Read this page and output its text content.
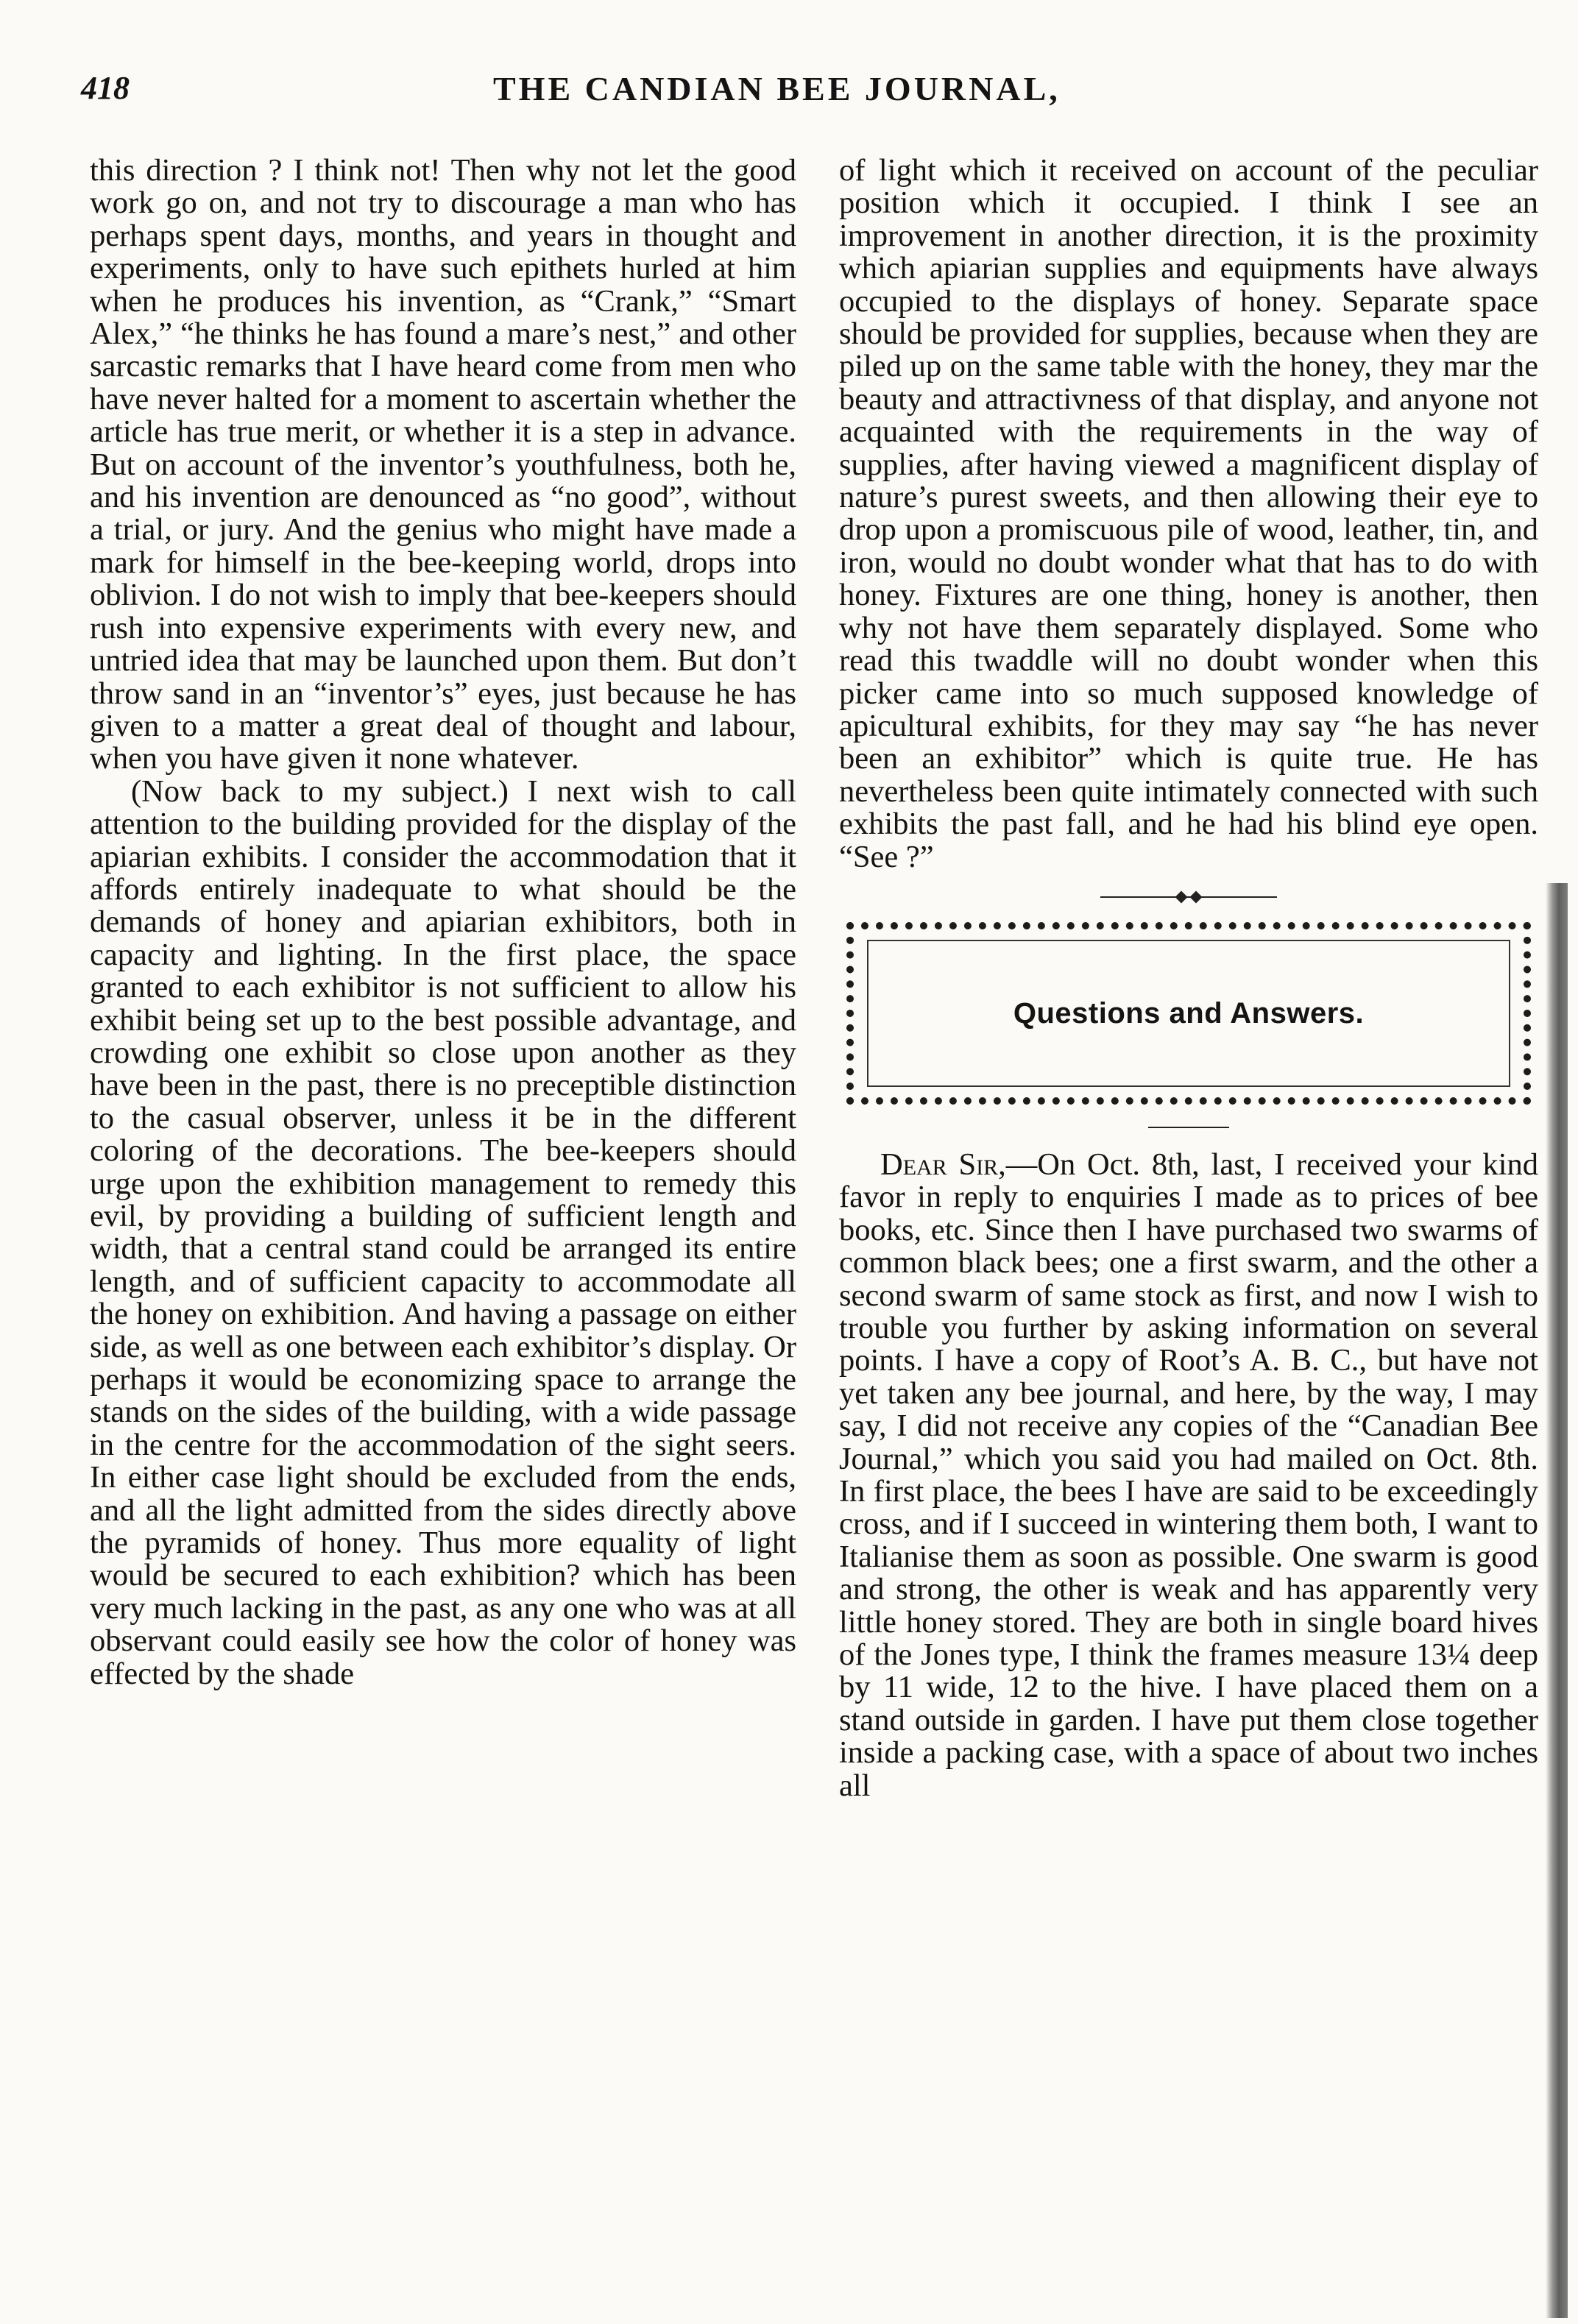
418	THE CANDIAN BEE JOURNAL,

this direction ? I think not! Then why not let the good work go on, and not try to discourage a man who has perhaps spent days, months, and years in thought and experiments, only to have such epithets hurled at him when he produces his invention, as “Crank,” “Smart Alex,” “he thinks he has found a mare’s nest,” and other sarcastic remarks that I have heard come from men who have never halted for a moment to ascertain whether the article has true merit, or whether it is a step in advance. But on account of the inventor’s youthfulness, both he, and his invention are denounced as “no good”, without a trial, or jury. And the genius who might have made a mark for himself in the bee-keeping world, drops into oblivion. I do not wish to imply that bee-keepers should rush into expensive experiments with every new, and untried idea that may be launched upon them. But don’t throw sand in an “inventor’s” eyes, just because he has given to a matter a great deal of thought and labour, when you have given it none whatever.

(Now back to my subject.) I next wish to call attention to the building provided for the display of the apiarian exhibits. I consider the accommodation that it affords entirely inadequate to what should be the demands of honey and apiarian exhibitors, both in capacity and lighting. In the first place, the space granted to each exhibitor is not sufficient to allow his exhibit being set up to the best possible advantage, and crowding one exhibit so close upon another as they have been in the past, there is no preceptible distinction to the casual observer, unless it be in the different coloring of the decorations. The bee-keepers should urge upon the exhibition management to remedy this evil, by providing a building of sufficient length and width, that a central stand could be arranged its entire length, and of sufficient capacity to accommodate all the honey on exhibition. And having a passage on either side, as well as one between each exhibitor’s display. Or perhaps it would be economizing space to arrange the stands on the sides of the building, with a wide passage in the centre for the accommodation of the sight seers. In either case light should be excluded from the ends, and all the light admitted from the sides directly above the pyramids of honey. Thus more equality of light would be secured to each exhibition? which has been very much lacking in the past, as any one who was at all observant could easily see how the color of honey was effected by the shade

of light which it received on account of the peculiar position which it occupied. I think I see an improvement in another direction, it is the proximity which apiarian supplies and equipments have always occupied to the displays of honey. Separate space should be provided for supplies, because when they are piled up on the same table with the honey, they mar the beauty and attractivness of that display, and anyone not acquainted with the requirements in the way of supplies, after having viewed a magnificent display of nature’s purest sweets, and then allowing their eye to drop upon a promiscuous pile of wood, leather, tin, and iron, would no doubt wonder what that has to do with honey. Fixtures are one thing, honey is another, then why not have them separately displayed. Some who read this twaddle will no doubt wonder when this picker came into so much supposed knowledge of apicultural exhibits, for they may say “he has never been an exhibitor” which is quite true. He has nevertheless been quite intimately connected with such exhibits the past fall, and he had his blind eye open. “See ?”

Questions and Answers.

Dear Sir,—On Oct. 8th, last, I received your kind favor in reply to enquiries I made as to prices of bee books, etc. Since then I have purchased two swarms of common black bees; one a first swarm, and the other a second swarm of same stock as first, and now I wish to trouble you further by asking information on several points. I have a copy of Root’s A. B. C., but have not yet taken any bee journal, and here, by the way, I may say, I did not receive any copies of the “Canadian Bee Journal,” which you said you had mailed on Oct. 8th. In first place, the bees I have are said to be exceedingly cross, and if I succeed in wintering them both, I want to Italianise them as soon as possible. One swarm is good and strong, the other is weak and has apparently very little honey stored. They are both in single board hives of the Jones type, I think the frames measure 13¼ deep by 11 wide, 12 to the hive. I have placed them on a stand outside in garden. I have put them close together inside a packing case, with a space of about two inches all
